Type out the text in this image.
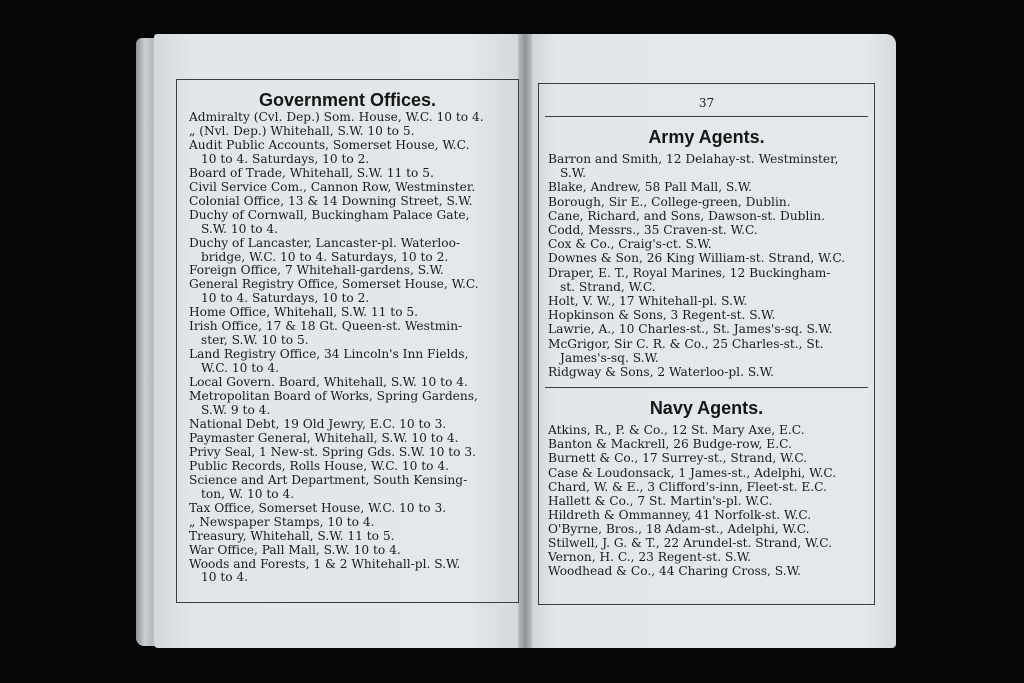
Government Offices.
Admiralty (Cvl. Dep.) Som. House, W.C. 10 to 4.
„ (Nvl. Dep.) Whitehall, S.W. 10 to 5.
Audit Public Accounts, Somerset House, W.C.
10 to 4. Saturdays, 10 to 2.
Board of Trade, Whitehall, S.W. 11 to 5.
Civil Service Com., Cannon Row, Westminster.
Colonial Office, 13 & 14 Downing Street, S.W.
Duchy of Cornwall, Buckingham Palace Gate,
S.W. 10 to 4.
Duchy of Lancaster, Lancaster-pl. Waterloo-
bridge, W.C. 10 to 4. Saturdays, 10 to 2.
Foreign Office, 7 Whitehall-gardens, S.W.
General Registry Office, Somerset House, W.C.
10 to 4. Saturdays, 10 to 2.
Home Office, Whitehall, S.W. 11 to 5.
Irish Office, 17 & 18 Gt. Queen-st. Westmin-
ster, S.W. 10 to 5.
Land Registry Office, 34 Lincoln's Inn Fields,
W.C. 10 to 4.
Local Govern. Board, Whitehall, S.W. 10 to 4.
Metropolitan Board of Works, Spring Gardens,
S.W. 9 to 4.
National Debt, 19 Old Jewry, E.C. 10 to 3.
Paymaster General, Whitehall, S.W. 10 to 4.
Privy Seal, 1 New-st. Spring Gds. S.W. 10 to 3.
Public Records, Rolls House, W.C. 10 to 4.
Science and Art Department, South Kensing-
ton, W. 10 to 4.
Tax Office, Somerset House, W.C. 10 to 3.
„ Newspaper Stamps, 10 to 4.
Treasury, Whitehall, S.W. 11 to 5.
War Office, Pall Mall, S.W. 10 to 4.
Woods and Forests, 1 & 2 Whitehall-pl. S.W.
10 to 4.
37
Army Agents.
Barron and Smith, 12 Delahay-st. Westminster,
S.W.
Blake, Andrew, 58 Pall Mall, S.W.
Borough, Sir E., College-green, Dublin.
Cane, Richard, and Sons, Dawson-st. Dublin.
Codd, Messrs., 35 Craven-st. W.C.
Cox & Co., Craig's-ct. S.W.
Downes & Son, 26 King William-st. Strand, W.C.
Draper, E. T., Royal Marines, 12 Buckingham-
st. Strand, W.C.
Holt, V. W., 17 Whitehall-pl. S.W.
Hopkinson & Sons, 3 Regent-st. S.W.
Lawrie, A., 10 Charles-st., St. James's-sq. S.W.
McGrigor, Sir C. R. & Co., 25 Charles-st., St.
James's-sq. S.W.
Ridgway & Sons, 2 Waterloo-pl. S.W.
Navy Agents.
Atkins, R., P. & Co., 12 St. Mary Axe, E.C.
Banton & Mackrell, 26 Budge-row, E.C.
Burnett & Co., 17 Surrey-st., Strand, W.C.
Case & Loudonsack, 1 James-st., Adelphi, W.C.
Chard, W. & E., 3 Clifford's-inn, Fleet-st. E.C.
Hallett & Co., 7 St. Martin's-pl. W.C.
Hildreth & Ommanney, 41 Norfolk-st. W.C.
O'Byrne, Bros., 18 Adam-st., Adelphi, W.C.
Stilwell, J. G. & T., 22 Arundel-st. Strand, W.C.
Vernon, H. C., 23 Regent-st. S.W.
Woodhead & Co., 44 Charing Cross, S.W.
